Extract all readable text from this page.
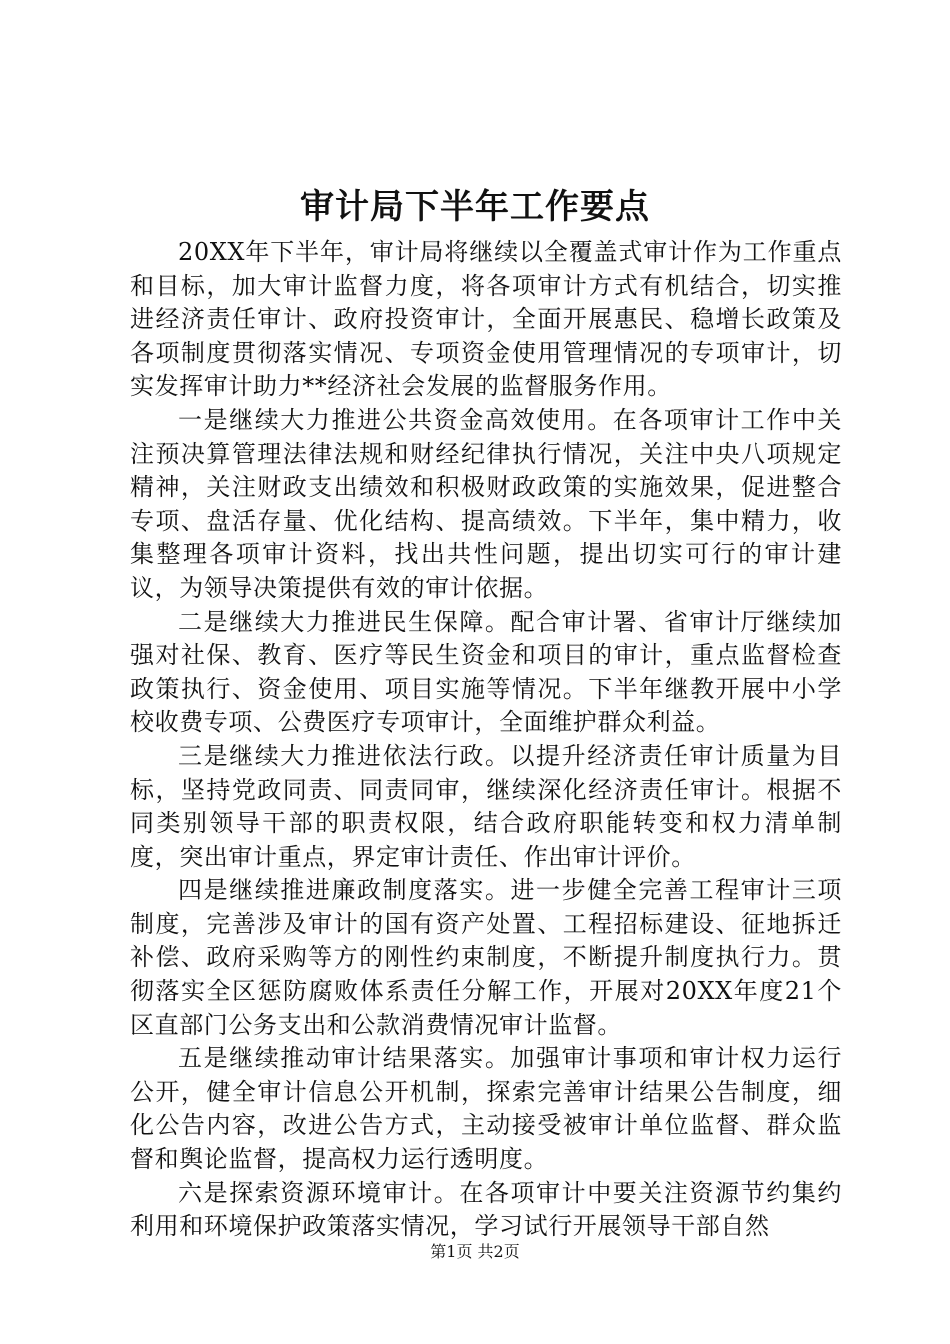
审计局下半年工作要点

20XX年下半年，审计局将继续以全覆盖式审计作为工作重点和目标，加大审计监督力度，将各项审计方式有机结合，切实推进经济责任审计、政府投资审计，全面开展惠民、稳增长政策及各项制度贯彻落实情况、专项资金使用管理情况的专项审计，切实发挥审计助力**经济社会发展的监督服务作用。

一是继续大力推进公共资金高效使用。在各项审计工作中关注预决算管理法律法规和财经纪律执行情况，关注中央八项规定精神，关注财政支出绩效和积极财政政策的实施效果，促进整合专项、盘活存量、优化结构、提高绩效。下半年，集中精力，收集整理各项审计资料，找出共性问题，提出切实可行的审计建议，为领导决策提供有效的审计依据。

二是继续大力推进民生保障。配合审计署、省审计厅继续加强对社保、教育、医疗等民生资金和项目的审计，重点监督检查政策执行、资金使用、项目实施等情况。下半年继教开展中小学校收费专项、公费医疗专项审计，全面维护群众利益。

三是继续大力推进依法行政。以提升经济责任审计质量为目标，坚持党政同责、同责同审，继续深化经济责任审计。根据不同类别领导干部的职责权限，结合政府职能转变和权力清单制度，突出审计重点，界定审计责任、作出审计评价。

四是继续推进廉政制度落实。进一步健全完善工程审计三项制度，完善涉及审计的国有资产处置、工程招标建设、征地拆迁补偿、政府采购等方的刚性约束制度，不断提升制度执行力。贯彻落实全区惩防腐败体系责任分解工作，开展对20XX年度21个区直部门公务支出和公款消费情况审计监督。

五是继续推动审计结果落实。加强审计事项和审计权力运行公开，健全审计信息公开机制，探索完善审计结果公告制度，细化公告内容，改进公告方式，主动接受被审计单位监督、群众监督和舆论监督，提高权力运行透明度。

六是探索资源环境审计。在各项审计中要关注资源节约集约利用和环境保护政策落实情况，学习试行开展领导干部自然

第1页 共2页
